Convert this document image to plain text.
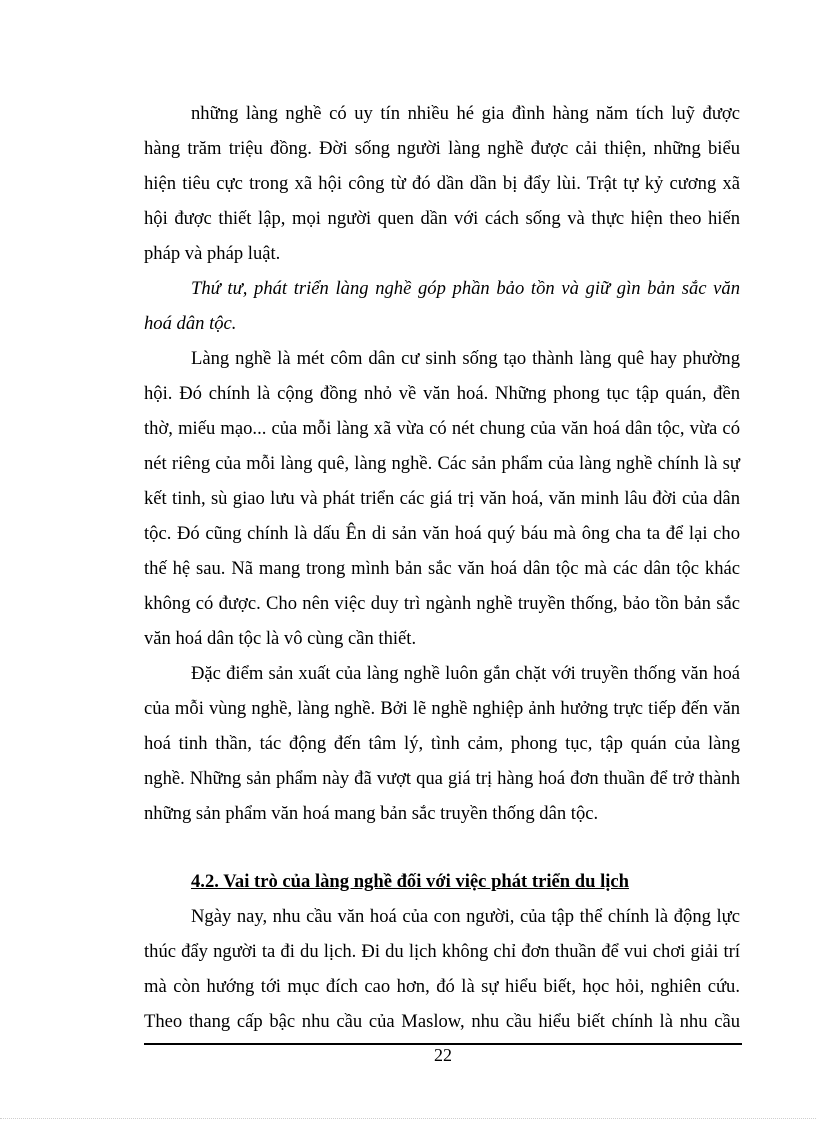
những làng nghề có uy tín nhiều hé gia đình hàng năm tích luỹ được
hàng trăm triệu đồng. Đời sống người làng nghề được cải thiện, những biểu
hiện tiêu cực trong xã hội công từ đó dần dần bị đẩy lùi. Trật tự kỷ cương xã
hội được thiết lập, mọi người quen dần với cách sống và thực hiện theo hiến
pháp và pháp luật.
Thứ tư, phát triển làng nghề góp phần bảo tồn và giữ gìn bản sắc văn
hoá dân tộc.
Làng nghề là mét côm dân cư sinh sống tạo thành làng quê hay phường
hội. Đó chính là cộng đồng nhỏ về văn hoá. Những phong tục tập quán, đền
thờ, miếu mạo... của mỗi làng xã vừa có nét chung của văn hoá dân tộc, vừa có
nét riêng của mỗi làng quê, làng nghề. Các sản phẩm của làng nghề chính là sự
kết tinh, sù giao lưu và phát triển các giá trị văn hoá, văn minh lâu đời của dân
tộc. Đó cũng chính là dấu Ên di sản văn hoá quý báu mà ông cha ta để lại cho
thế hệ sau. Nã mang trong mình bản sắc văn hoá dân tộc mà các dân tộc khác
không có được. Cho nên việc duy trì ngành nghề truyền thống, bảo tồn bản sắc
văn hoá dân tộc là vô cùng cần thiết.
Đặc điểm sản xuất của làng nghề luôn gắn chặt với truyền thống văn hoá
của mỗi vùng nghề, làng nghề. Bởi lẽ nghề nghiệp ảnh hưởng trực tiếp đến văn
hoá tinh thần, tác động đến tâm lý, tình cảm, phong tục, tập quán của làng
nghề. Những sản phẩm này đã vượt qua giá trị hàng hoá đơn thuần để trở thành
những sản phẩm văn hoá mang bản sắc truyền thống dân tộc.
4.2. Vai trò của làng nghề đối với việc phát triển du lịch
Ngày nay, nhu cầu văn hoá của con người, của tập thể chính là động lực
thúc đẩy người ta đi du lịch. Đi du lịch không chỉ đơn thuần để vui chơi giải trí
mà còn hướng tới mục đích cao hơn, đó là sự hiểu biết, học hỏi, nghiên cứu.
Theo thang cấp bậc nhu cầu của Maslow, nhu cầu hiểu biết chính là nhu cầu
22
